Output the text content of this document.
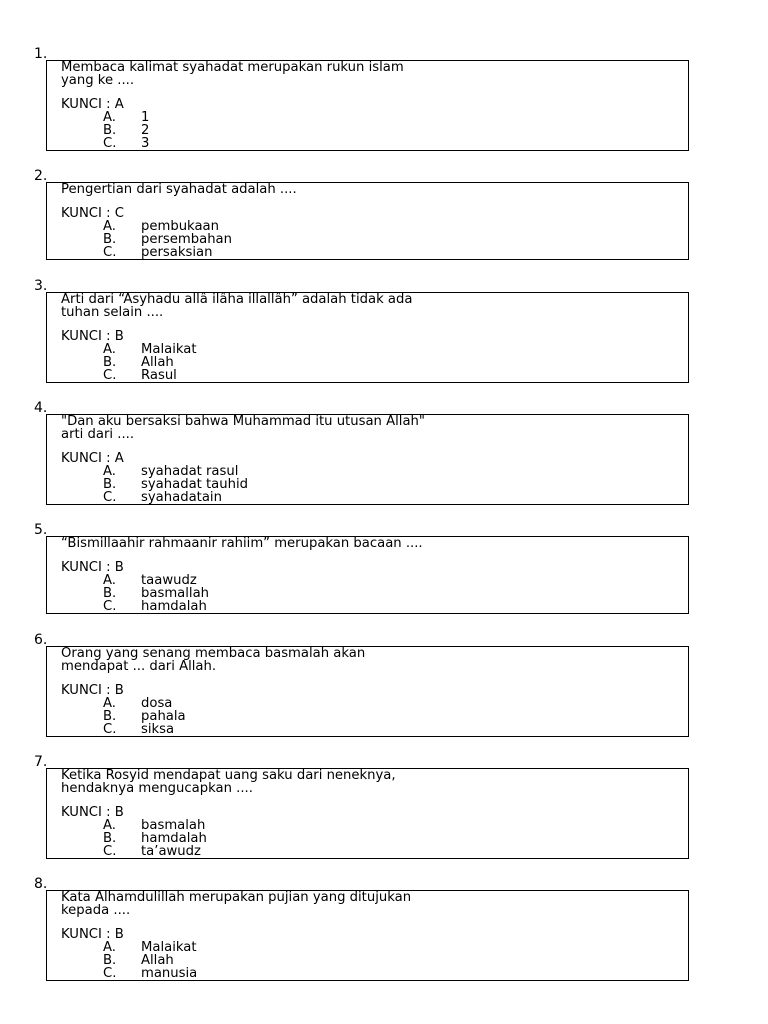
1.
Membaca kalimat syahadat merupakan rukun islam
yang ke ....
KUNCI : A
A.	1
B.	2
C.	3
2.
Pengertian dari syahadat adalah ....
KUNCI : C
A.	pembukaan
B.	persembahan
C.	persaksian
3.
Arti dari “Asyhadu allâ ilâha illallâh” adalah tidak ada
tuhan selain ....
KUNCI : B
A.	Malaikat
B.	Allah
C.	Rasul
4.
"Dan aku bersaksi bahwa Muhammad itu utusan Allah"
arti dari ....
KUNCI : A
A.	syahadat rasul
B.	syahadat tauhid
C.	syahadatain
5.
“Bismillaahir rahmaanir rahiim” merupakan bacaan ....
KUNCI : B
A.	taawudz
B.	basmallah
C.	hamdalah
6.
Orang yang senang membaca basmalah akan
mendapat ... dari Allah.
KUNCI : B
A.	dosa
B.	pahala
C.	siksa
7.
Ketika Rosyid mendapat uang saku dari neneknya,
hendaknya mengucapkan ....
KUNCI : B
A.	basmalah
B.	hamdalah
C.	ta’awudz
8.
Kata Alhamdulillah merupakan pujian yang ditujukan
kepada ....
KUNCI : B
A.	Malaikat
B.	Allah
C.	manusia
